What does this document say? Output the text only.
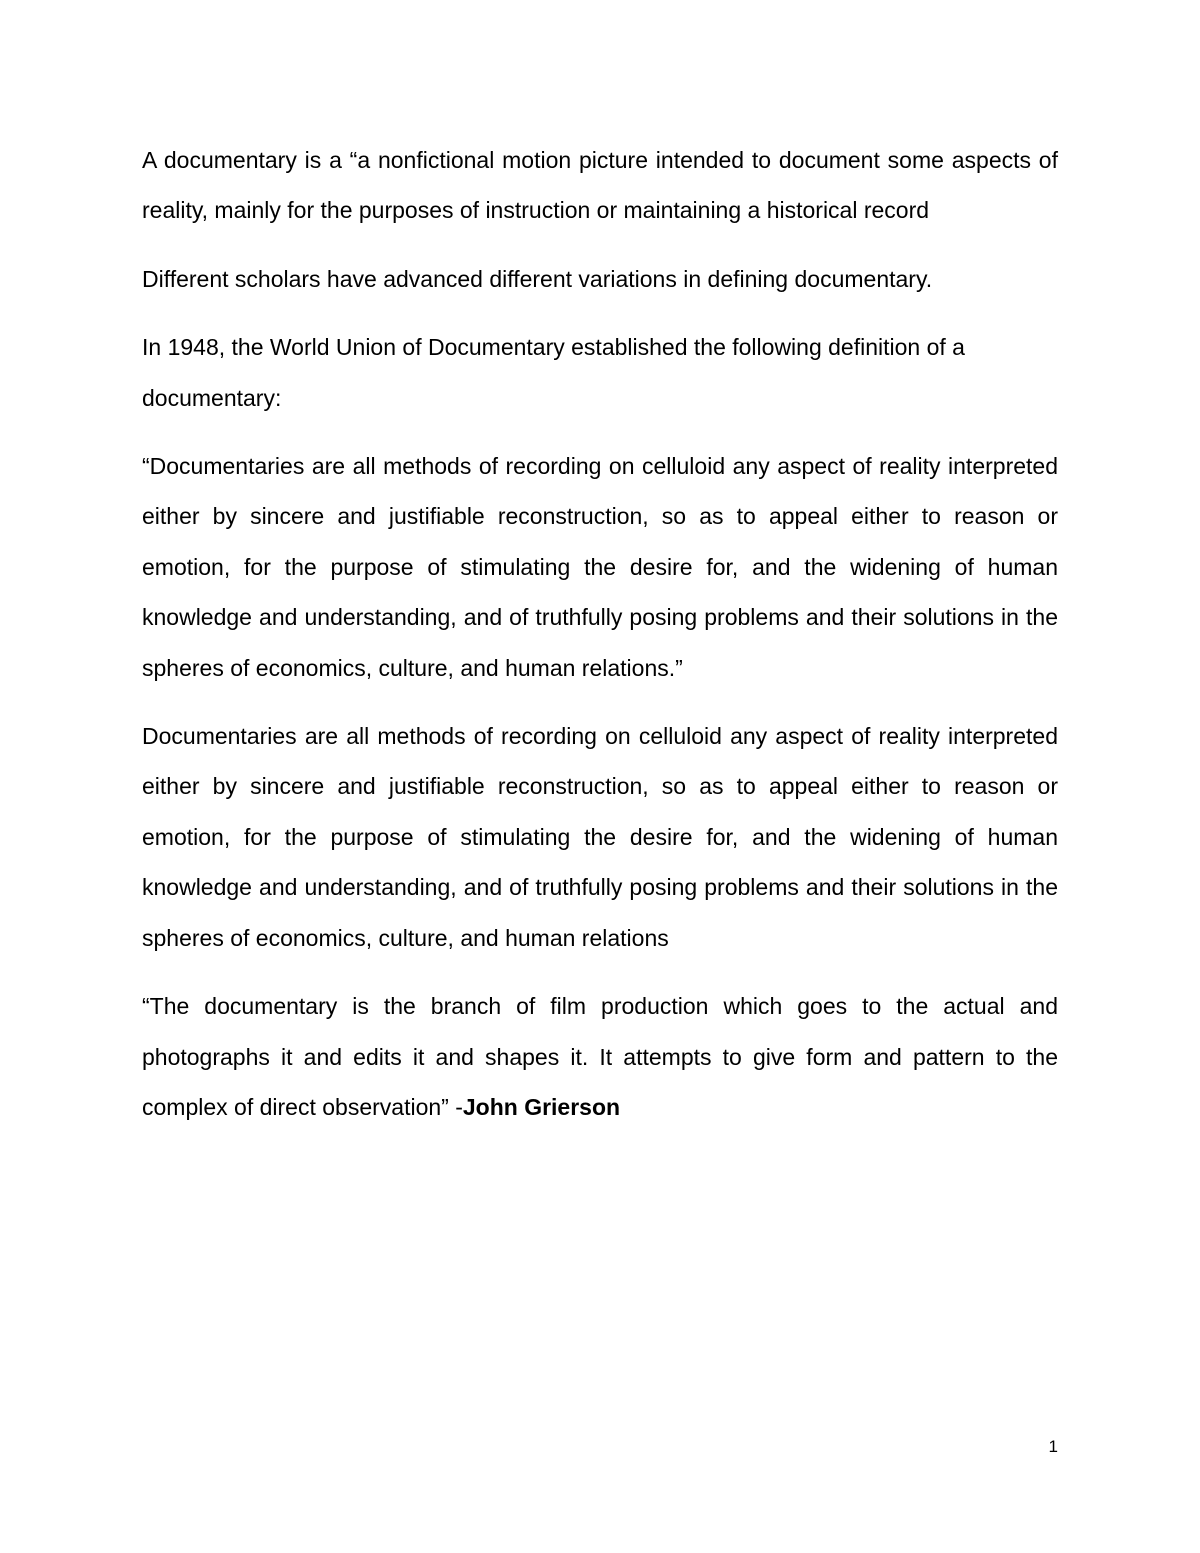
A documentary is a “a nonfictional motion picture intended to document some aspects of reality, mainly for the purposes of instruction or maintaining a historical record

Different scholars have advanced different variations in defining documentary.

In 1948, the World Union of Documentary established the following definition of a documentary:

“Documentaries are all methods of recording on celluloid any aspect of reality interpreted either by sincere and justifiable reconstruction, so as to appeal either to reason or emotion, for the purpose of stimulating the desire for, and the widening of human knowledge and understanding, and of truthfully posing problems and their solutions in the spheres of economics, culture, and human relations.”

Documentaries are all methods of recording on celluloid any aspect of reality interpreted either by sincere and justifiable reconstruction, so as to appeal either to reason or emotion, for the purpose of stimulating the desire for, and the widening of human knowledge and understanding, and of truthfully posing problems and their solutions in the spheres of economics, culture, and human relations

“The documentary is the branch of film production which goes to the actual and photographs it and edits it and shapes it. It attempts to give form and pattern to the complex of direct observation” -John Grierson

1
